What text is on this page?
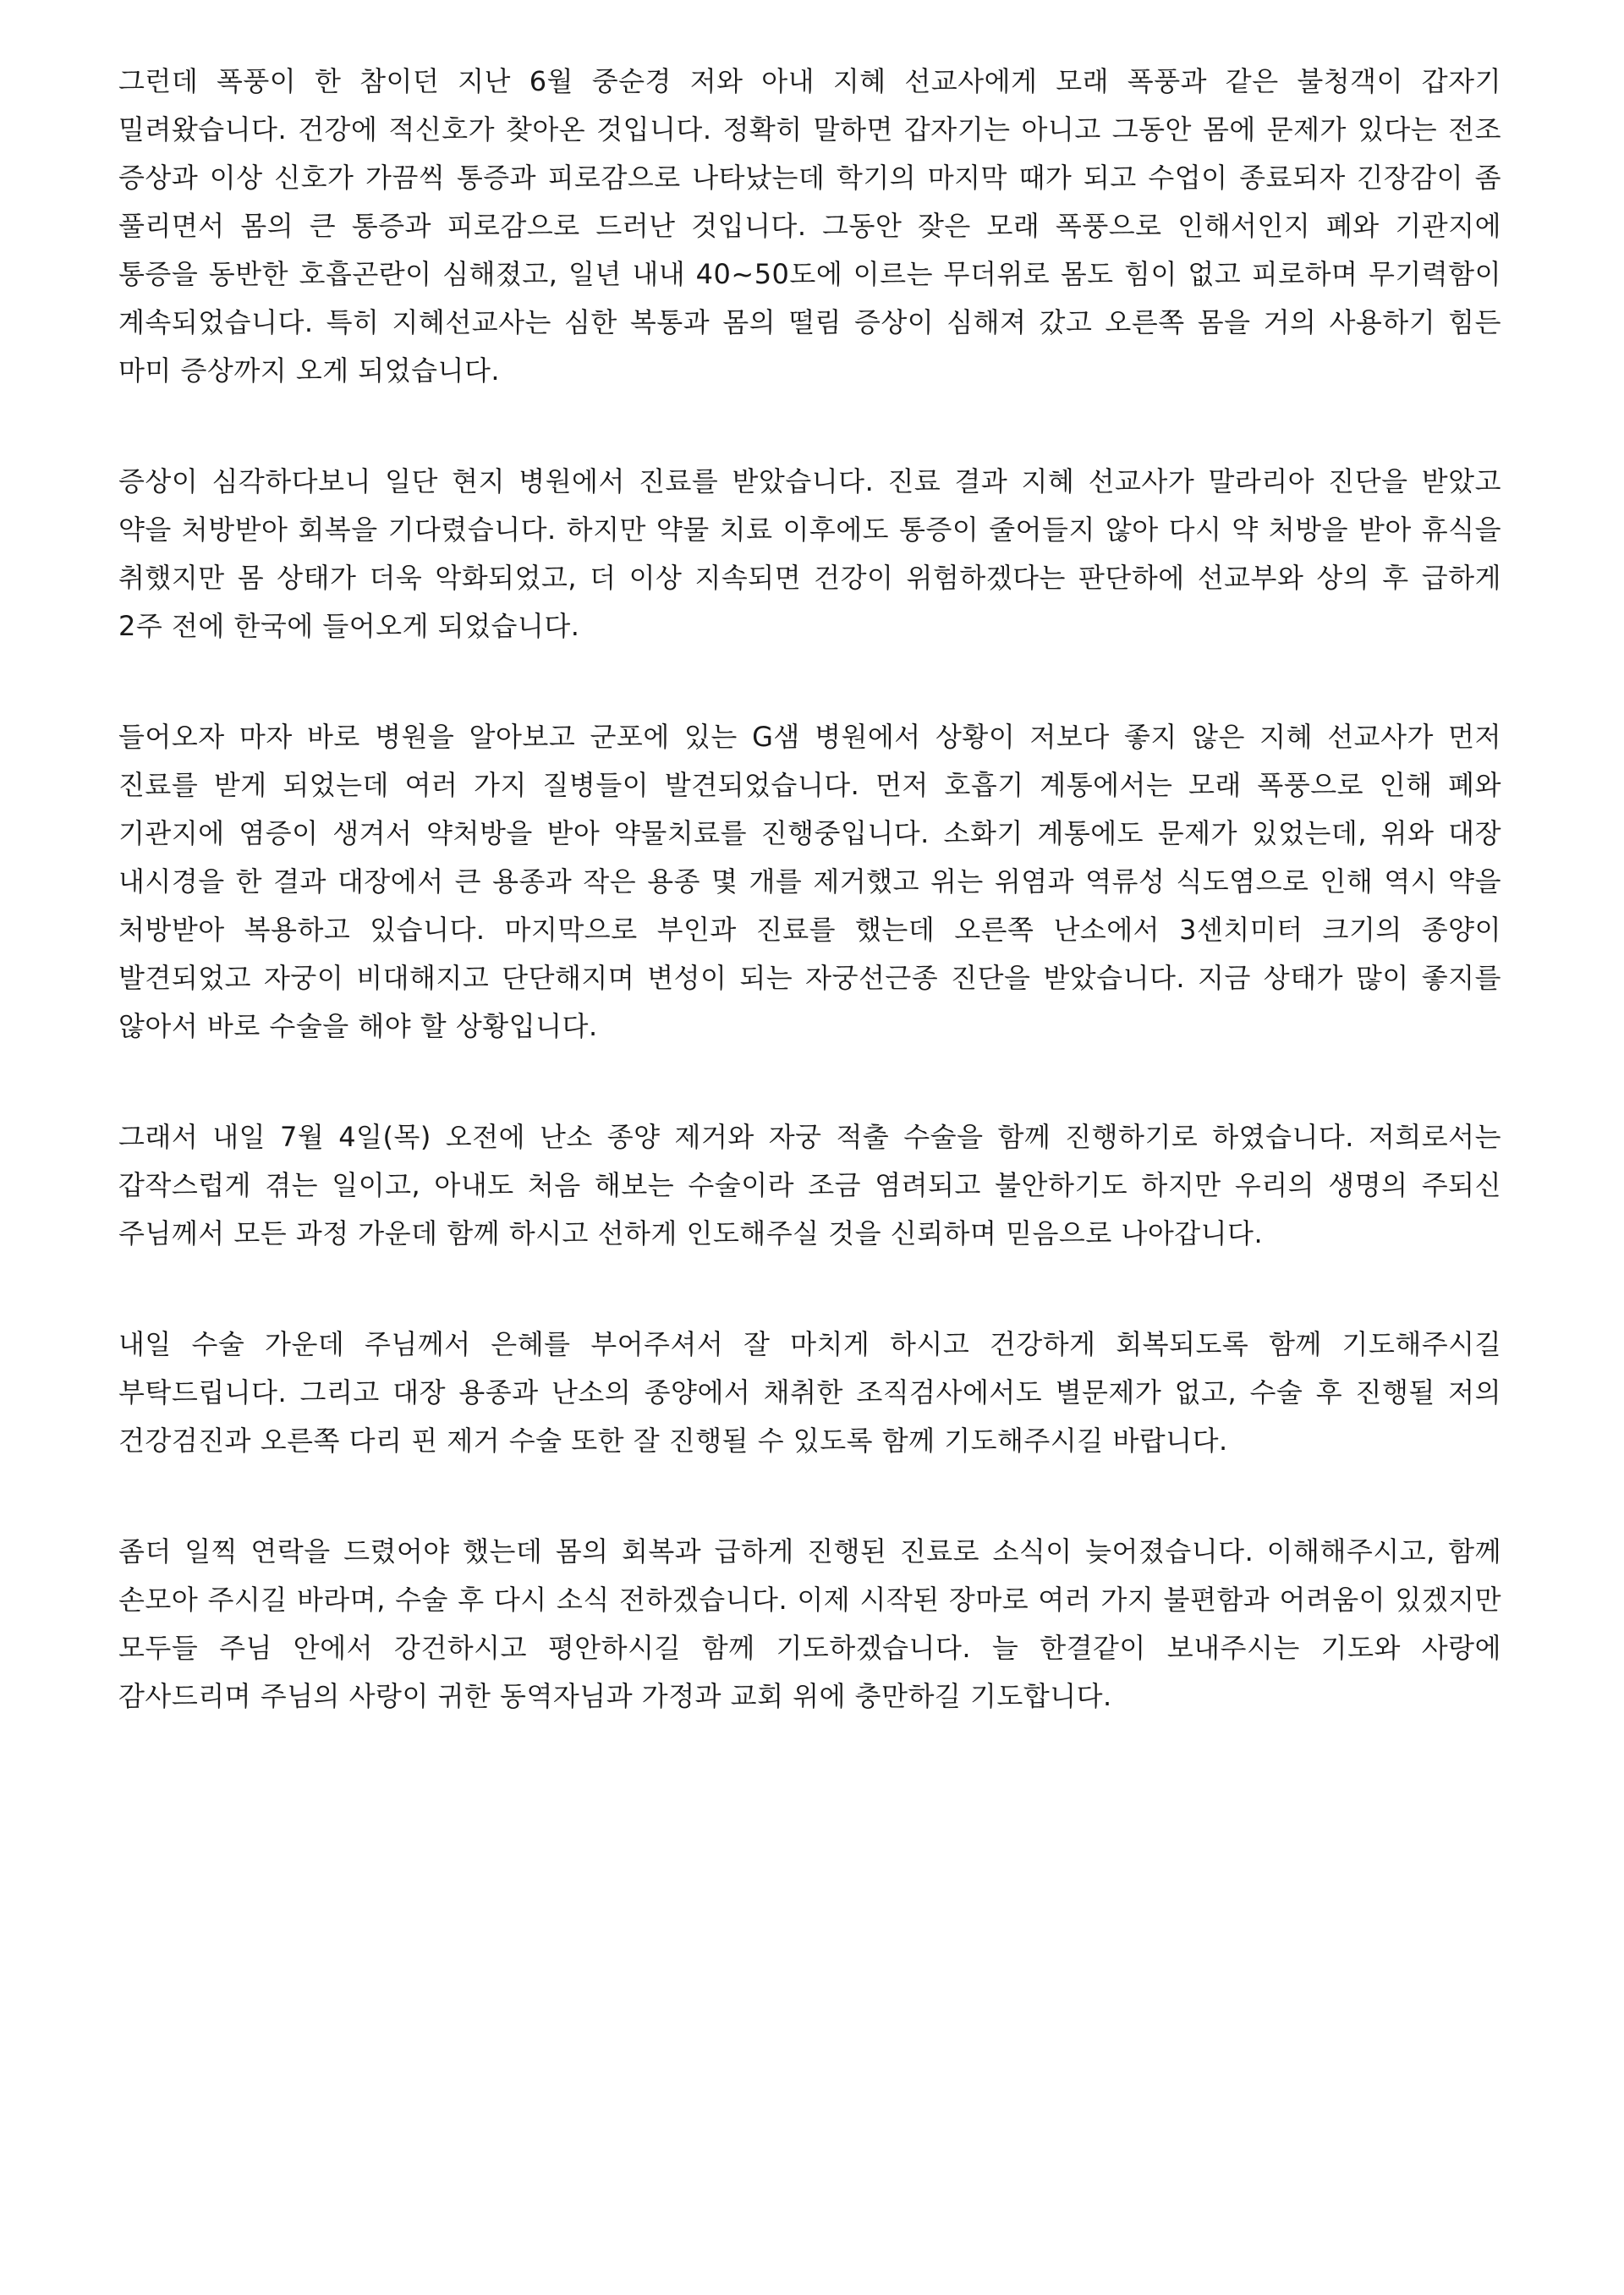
그런데 폭풍이 한 참이던 지난 6월 중순경 저와 아내 지혜 선교사에게 모래 폭풍과 같은 불청객이 갑자기 밀려왔습니다. 건강에 적신호가 찾아온 것입니다. 정확히 말하면 갑자기는 아니고 그동안 몸에 문제가 있다는 전조 증상과 이상 신호가 가끔씩 통증과 피로감으로 나타났는데 학기의 마지막 때가 되고 수업이 종료되자 긴장감이 좀 풀리면서 몸의 큰 통증과 피로감으로 드러난 것입니다. 그동안 잦은 모래 폭풍으로 인해서인지 폐와 기관지에 통증을 동반한 호흡곤란이 심해졌고, 일년 내내 40~50도에 이르는 무더위로 몸도 힘이 없고 피로하며 무기력함이 계속되었습니다. 특히 지혜선교사는 심한 복통과 몸의 떨림 증상이 심해져 갔고 오른쪽 몸을 거의 사용하기 힘든 마미 증상까지 오게 되었습니다.

증상이 심각하다보니 일단 현지 병원에서 진료를 받았습니다. 진료 결과 지혜 선교사가 말라리아 진단을 받았고 약을 처방받아 회복을 기다렸습니다. 하지만 약물 치료 이후에도 통증이 줄어들지 않아 다시 약 처방을 받아 휴식을 취했지만 몸 상태가 더욱 악화되었고, 더 이상 지속되면 건강이 위험하겠다는 판단하에 선교부와 상의 후 급하게 2주 전에 한국에 들어오게 되었습니다.

들어오자 마자 바로 병원을 알아보고 군포에 있는 G샘 병원에서 상황이 저보다 좋지 않은 지혜 선교사가 먼저 진료를 받게 되었는데 여러 가지 질병들이 발견되었습니다. 먼저 호흡기 계통에서는 모래 폭풍으로 인해 폐와 기관지에 염증이 생겨서 약처방을 받아 약물치료를 진행중입니다. 소화기 계통에도 문제가 있었는데, 위와 대장 내시경을 한 결과 대장에서 큰 용종과 작은 용종 몇 개를 제거했고 위는 위염과 역류성 식도염으로 인해 역시 약을 처방받아 복용하고 있습니다. 마지막으로 부인과 진료를 했는데 오른쪽 난소에서 3센치미터 크기의 종양이 발견되었고 자궁이 비대해지고 단단해지며 변성이 되는 자궁선근종 진단을 받았습니다. 지금 상태가 많이 좋지를 않아서 바로 수술을 해야 할 상황입니다.

그래서 내일 7월 4일(목) 오전에 난소 종양 제거와 자궁 적출 수술을 함께 진행하기로 하였습니다. 저희로서는 갑작스럽게 겪는 일이고, 아내도 처음 해보는 수술이라 조금 염려되고 불안하기도 하지만 우리의 생명의 주되신 주님께서 모든 과정 가운데 함께 하시고 선하게 인도해주실 것을 신뢰하며 믿음으로 나아갑니다.

내일 수술 가운데 주님께서 은혜를 부어주셔서 잘 마치게 하시고 건강하게 회복되도록 함께 기도해주시길 부탁드립니다. 그리고 대장 용종과 난소의 종양에서 채취한 조직검사에서도 별문제가 없고, 수술 후 진행될 저의 건강검진과 오른쪽 다리 핀 제거 수술 또한 잘 진행될 수 있도록 함께 기도해주시길 바랍니다.

좀더 일찍 연락을 드렸어야 했는데 몸의 회복과 급하게 진행된 진료로 소식이 늦어졌습니다. 이해해주시고, 함께 손모아 주시길 바라며, 수술 후 다시 소식 전하겠습니다. 이제 시작된 장마로 여러 가지 불편함과 어려움이 있겠지만 모두들 주님 안에서 강건하시고 평안하시길 함께 기도하겠습니다. 늘 한결같이 보내주시는 기도와 사랑에 감사드리며 주님의 사랑이 귀한 동역자님과 가정과 교회 위에 충만하길 기도합니다.
